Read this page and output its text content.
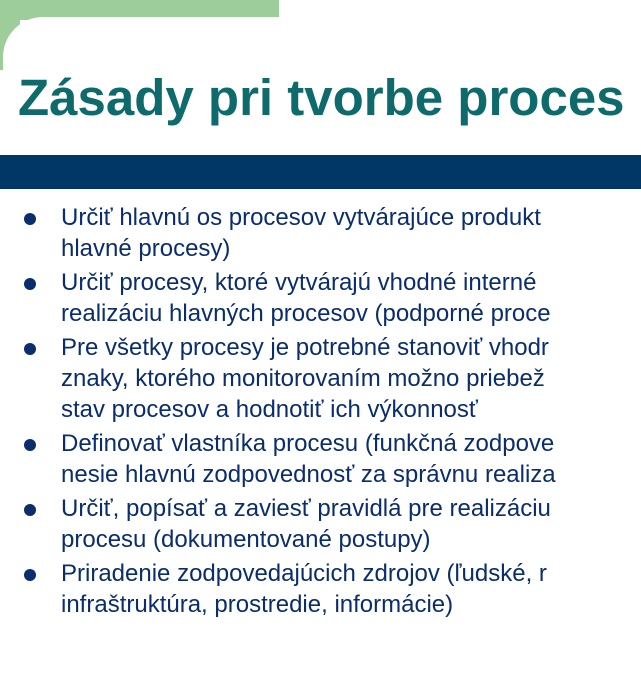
Zásady pri tvorbe proces
Určiť hlavnú os procesov vytvárajúce produkt
hlavné procesy)
Určiť procesy, ktoré vytvárajú vhodné interné
realizáciu hlavných procesov (podporné proce
Pre všetky procesy je potrebné stanoviť vhodr
znaky, ktorého monitorovaním možno priebež
stav procesov a hodnotiť ich výkonnosť
Definovať vlastníka procesu (funkčná zodpove
nesie hlavnú zodpovednosť za správnu realiza
Určiť, popísať a zaviesť pravidlá pre realizáciu
procesu (dokumentované postupy)
Priradenie zodpovedajúcich zdrojov (ľudské, r
infraštruktúra, prostredie, informácie)
